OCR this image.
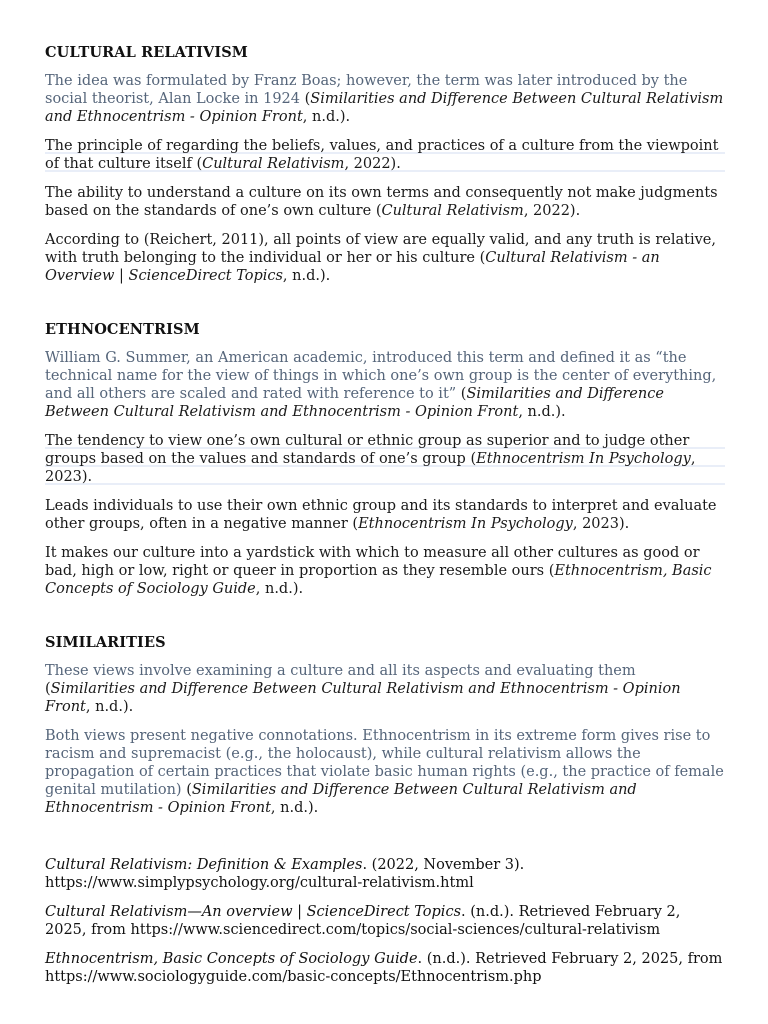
CULTURAL RELATIVISM

The idea was formulated by Franz Boas; however, the term was later introduced by the social theorist, Alan Locke in 1924 (Similarities and Difference Between Cultural Relativism and Ethnocentrism - Opinion Front, n.d.).

The principle of regarding the beliefs, values, and practices of a culture from the viewpoint of that culture itself (Cultural Relativism, 2022).

The ability to understand a culture on its own terms and consequently not make judgments based on the standards of one’s own culture (Cultural Relativism, 2022).

According to (Reichert, 2011), all points of view are equally valid, and any truth is relative, with truth belonging to the individual or her or his culture (Cultural Relativism - an Overview | ScienceDirect Topics, n.d.).

ETHNOCENTRISM

William G. Summer, an American academic, introduced this term and defined it as “the technical name for the view of things in which one’s own group is the center of everything, and all others are scaled and rated with reference to it” (Similarities and Difference Between Cultural Relativism and Ethnocentrism - Opinion Front, n.d.).

The tendency to view one’s own cultural or ethnic group as superior and to judge other groups based on the values and standards of one’s group (Ethnocentrism In Psychology, 2023).

Leads individuals to use their own ethnic group and its standards to interpret and evaluate other groups, often in a negative manner (Ethnocentrism In Psychology, 2023).

It makes our culture into a yardstick with which to measure all other cultures as good or bad, high or low, right or queer in proportion as they resemble ours (Ethnocentrism, Basic Concepts of Sociology Guide, n.d.).

SIMILARITIES

These views involve examining a culture and all its aspects and evaluating them (Similarities and Difference Between Cultural Relativism and Ethnocentrism - Opinion Front, n.d.).

Both views present negative connotations. Ethnocentrism in its extreme form gives rise to racism and supremacist (e.g., the holocaust), while cultural relativism allows the propagation of certain practices that violate basic human rights (e.g., the practice of female genital mutilation) (Similarities and Difference Between Cultural Relativism and Ethnocentrism - Opinion Front, n.d.).

Cultural Relativism: Definition & Examples. (2022, November 3). https://www.simplypsychology.org/cultural-relativism.html

Cultural Relativism—An overview | ScienceDirect Topics. (n.d.). Retrieved February 2, 2025, from https://www.sciencedirect.com/topics/social-sciences/cultural-relativism

Ethnocentrism, Basic Concepts of Sociology Guide. (n.d.). Retrieved February 2, 2025, from https://www.sociologyguide.com/basic-concepts/Ethnocentrism.php
